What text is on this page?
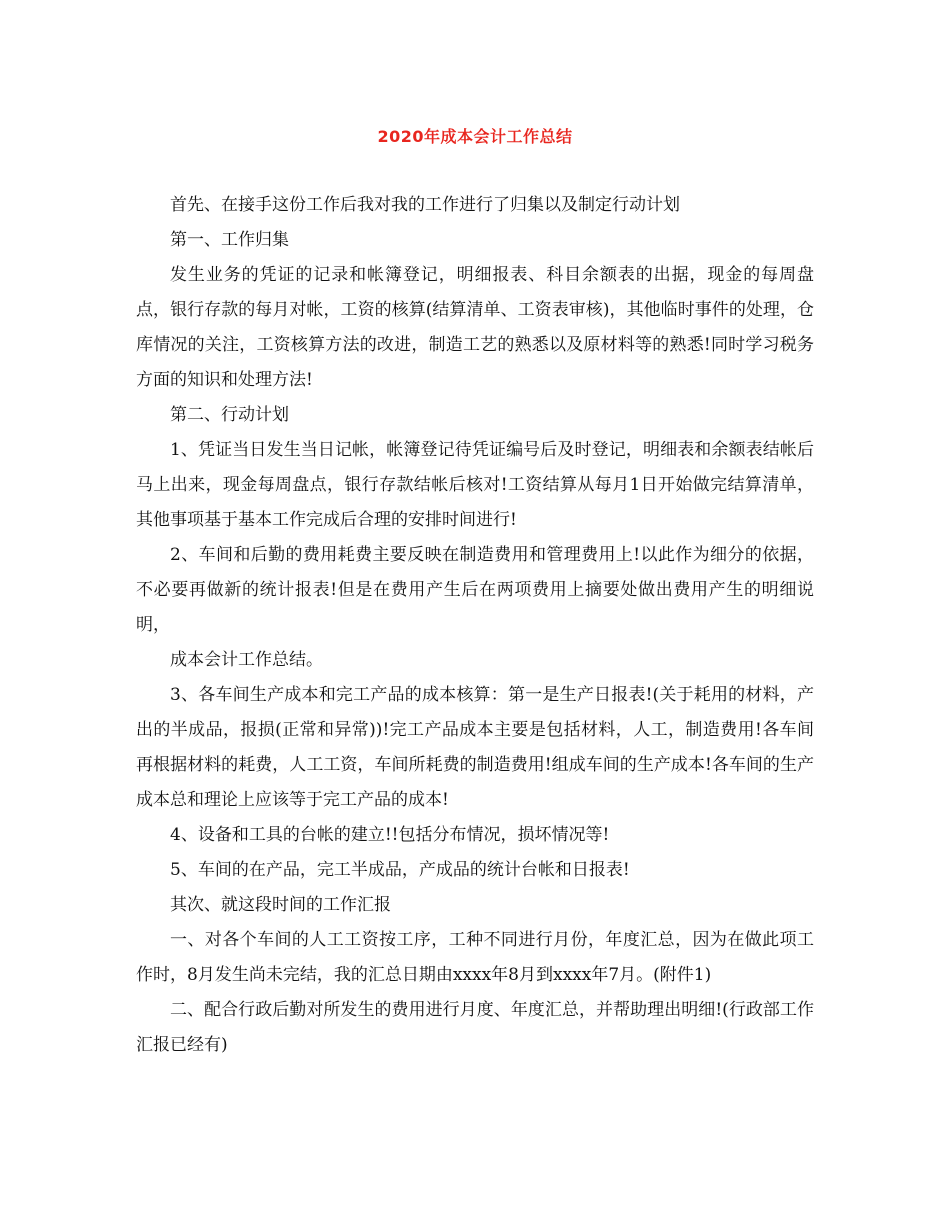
2020年成本会计工作总结

首先、在接手这份工作后我对我的工作进行了归集以及制定行动计划

第一、工作归集

发生业务的凭证的记录和帐簿登记，明细报表、科目余额表的出据，现金的每周盘点，银行存款的每月对帐，工资的核算(结算清单、工资表审核)，其他临时事件的处理，仓库情况的关注，工资核算方法的改进，制造工艺的熟悉以及原材料等的熟悉!同时学习税务方面的知识和处理方法!

第二、行动计划

1、凭证当日发生当日记帐，帐簿登记待凭证编号后及时登记，明细表和余额表结帐后马上出来，现金每周盘点，银行存款结帐后核对!工资结算从每月1日开始做完结算清单，其他事项基于基本工作完成后合理的安排时间进行!

2、车间和后勤的费用耗费主要反映在制造费用和管理费用上!以此作为细分的依据，不必要再做新的统计报表!但是在费用产生后在两项费用上摘要处做出费用产生的明细说明，

成本会计工作总结。

3、各车间生产成本和完工产品的成本核算：第一是生产日报表!(关于耗用的材料，产出的半成品，报损(正常和异常))!完工产品成本主要是包括材料，人工，制造费用!各车间再根据材料的耗费，人工工资，车间所耗费的制造费用!组成车间的生产成本!各车间的生产成本总和理论上应该等于完工产品的成本!

4、设备和工具的台帐的建立!!包括分布情况，损坏情况等!

5、车间的在产品，完工半成品，产成品的统计台帐和日报表!

其次、就这段时间的工作汇报

一、对各个车间的人工工资按工序，工种不同进行月份，年度汇总，因为在做此项工作时，8月发生尚未完结，我的汇总日期由xxxx年8月到xxxx年7月。(附件1)

二、配合行政后勤对所发生的费用进行月度、年度汇总，并帮助理出明细!(行政部工作汇报已经有)
